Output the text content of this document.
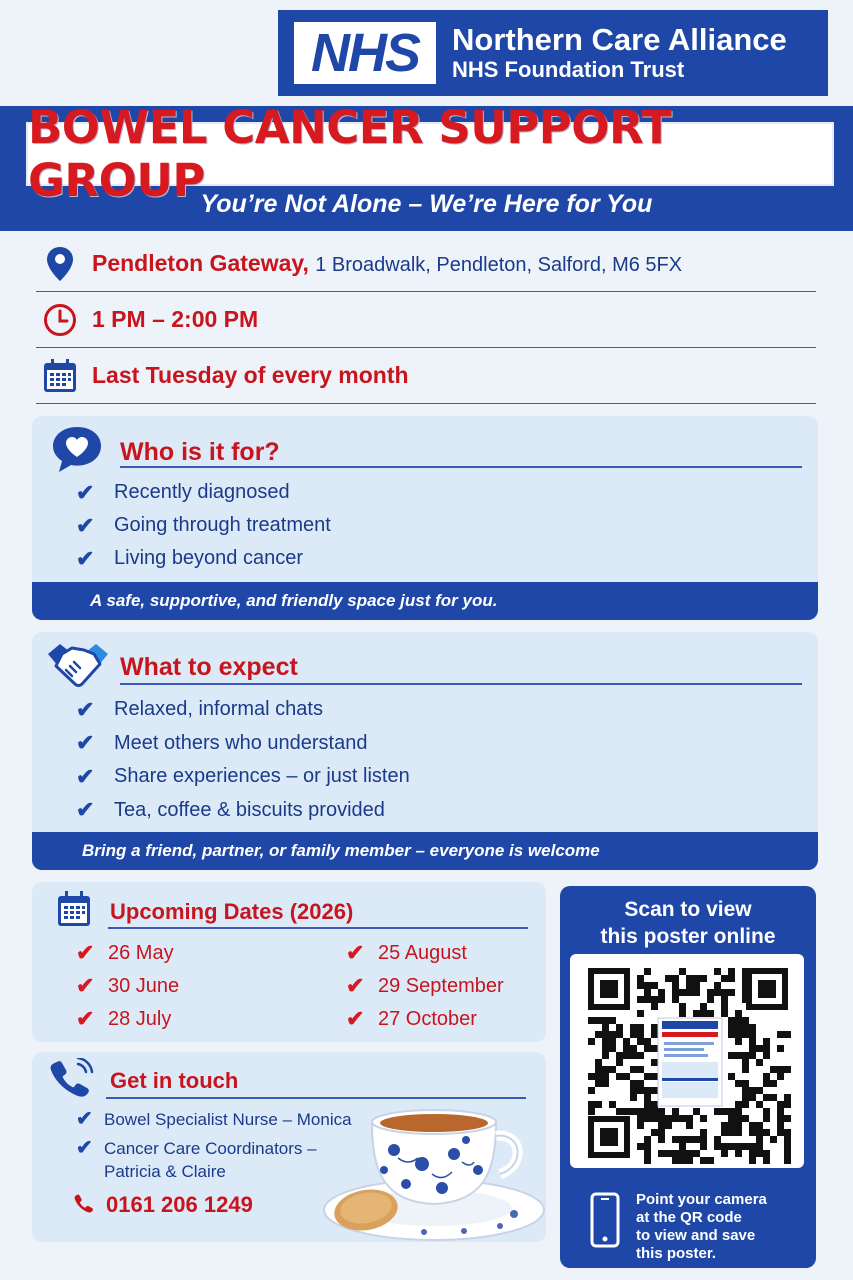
NHS Northern Care Alliance
NHS Foundation Trust
BOWEL CANCER SUPPORT GROUP
You’re Not Alone – We’re Here for You
Pendleton Gateway, 1 Broadwalk, Pendleton, Salford, M6 5FX
1 PM – 2:00 PM
Last Tuesday of every month
Who is it for?
✔ Recently diagnosed
✔ Going through treatment
✔ Living beyond cancer
A safe, supportive, and friendly space just for you.
What to expect
✔ Relaxed, informal chats
✔ Meet others who understand
✔ Share experiences – or just listen
✔ Tea, coffee & biscuits provided
Bring a friend, partner, or family member – everyone is welcome
Upcoming Dates (2026)
✔ 26 May
✔ 30 June
✔ 28 July
✔ 25 August
✔ 29 September
✔ 27 October
Get in touch
✔ Bowel Specialist Nurse – Monica
✔ Cancer Care Coordinators –
Patricia & Claire
0161 206 1249
Scan to view
this poster online
Point your camera
at the QR code
to view and save
this poster.
